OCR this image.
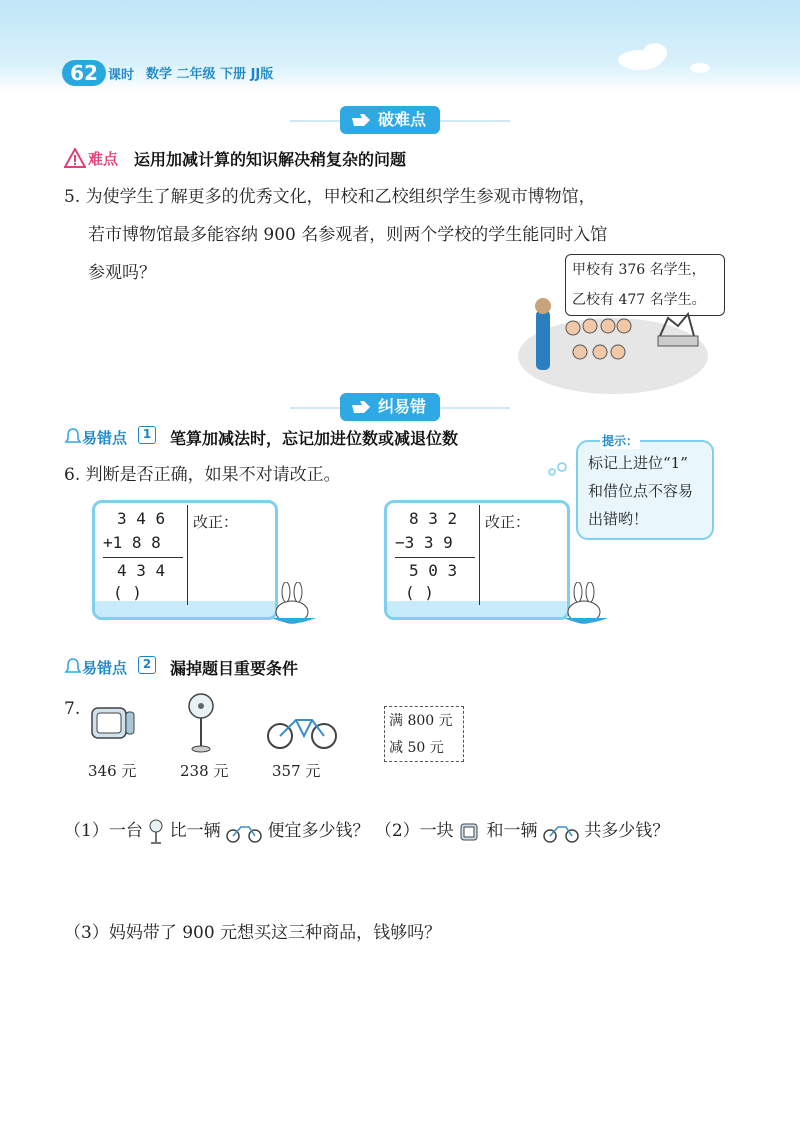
62 课时 数学 二年级 下册 JJ版
破难点
难点 运用加减计算的知识解决稍复杂的问题
5. 为使学生了解更多的优秀文化，甲校和乙校组织学生参观市博物馆，
若市博物馆最多能容纳 900 名参观者，则两个学校的学生能同时入馆
参观吗？	甲校有 376 名学生，
乙校有 477 名学生。
纠易错
易错点	1	笔算加减法时，忘记加进位数或减退位数
6. 判断是否正确，如果不对请改正。
提示：
标记上进位“1”
和借位点不容易
出错哟！
3 4 6
+1 8 8
4 3 4
( )
改正：	8 3 2
−3 3 9
5 0 3
( )
改正：
易错点	2	漏掉题目重要条件
7.
346 元	238 元	357 元
满 800 元
减 50 元
（1）一台 比一辆	便宜多少钱？ （2）一块 和一辆	共多少钱？
（3）妈妈带了 900 元想买这三种商品，钱够吗？
